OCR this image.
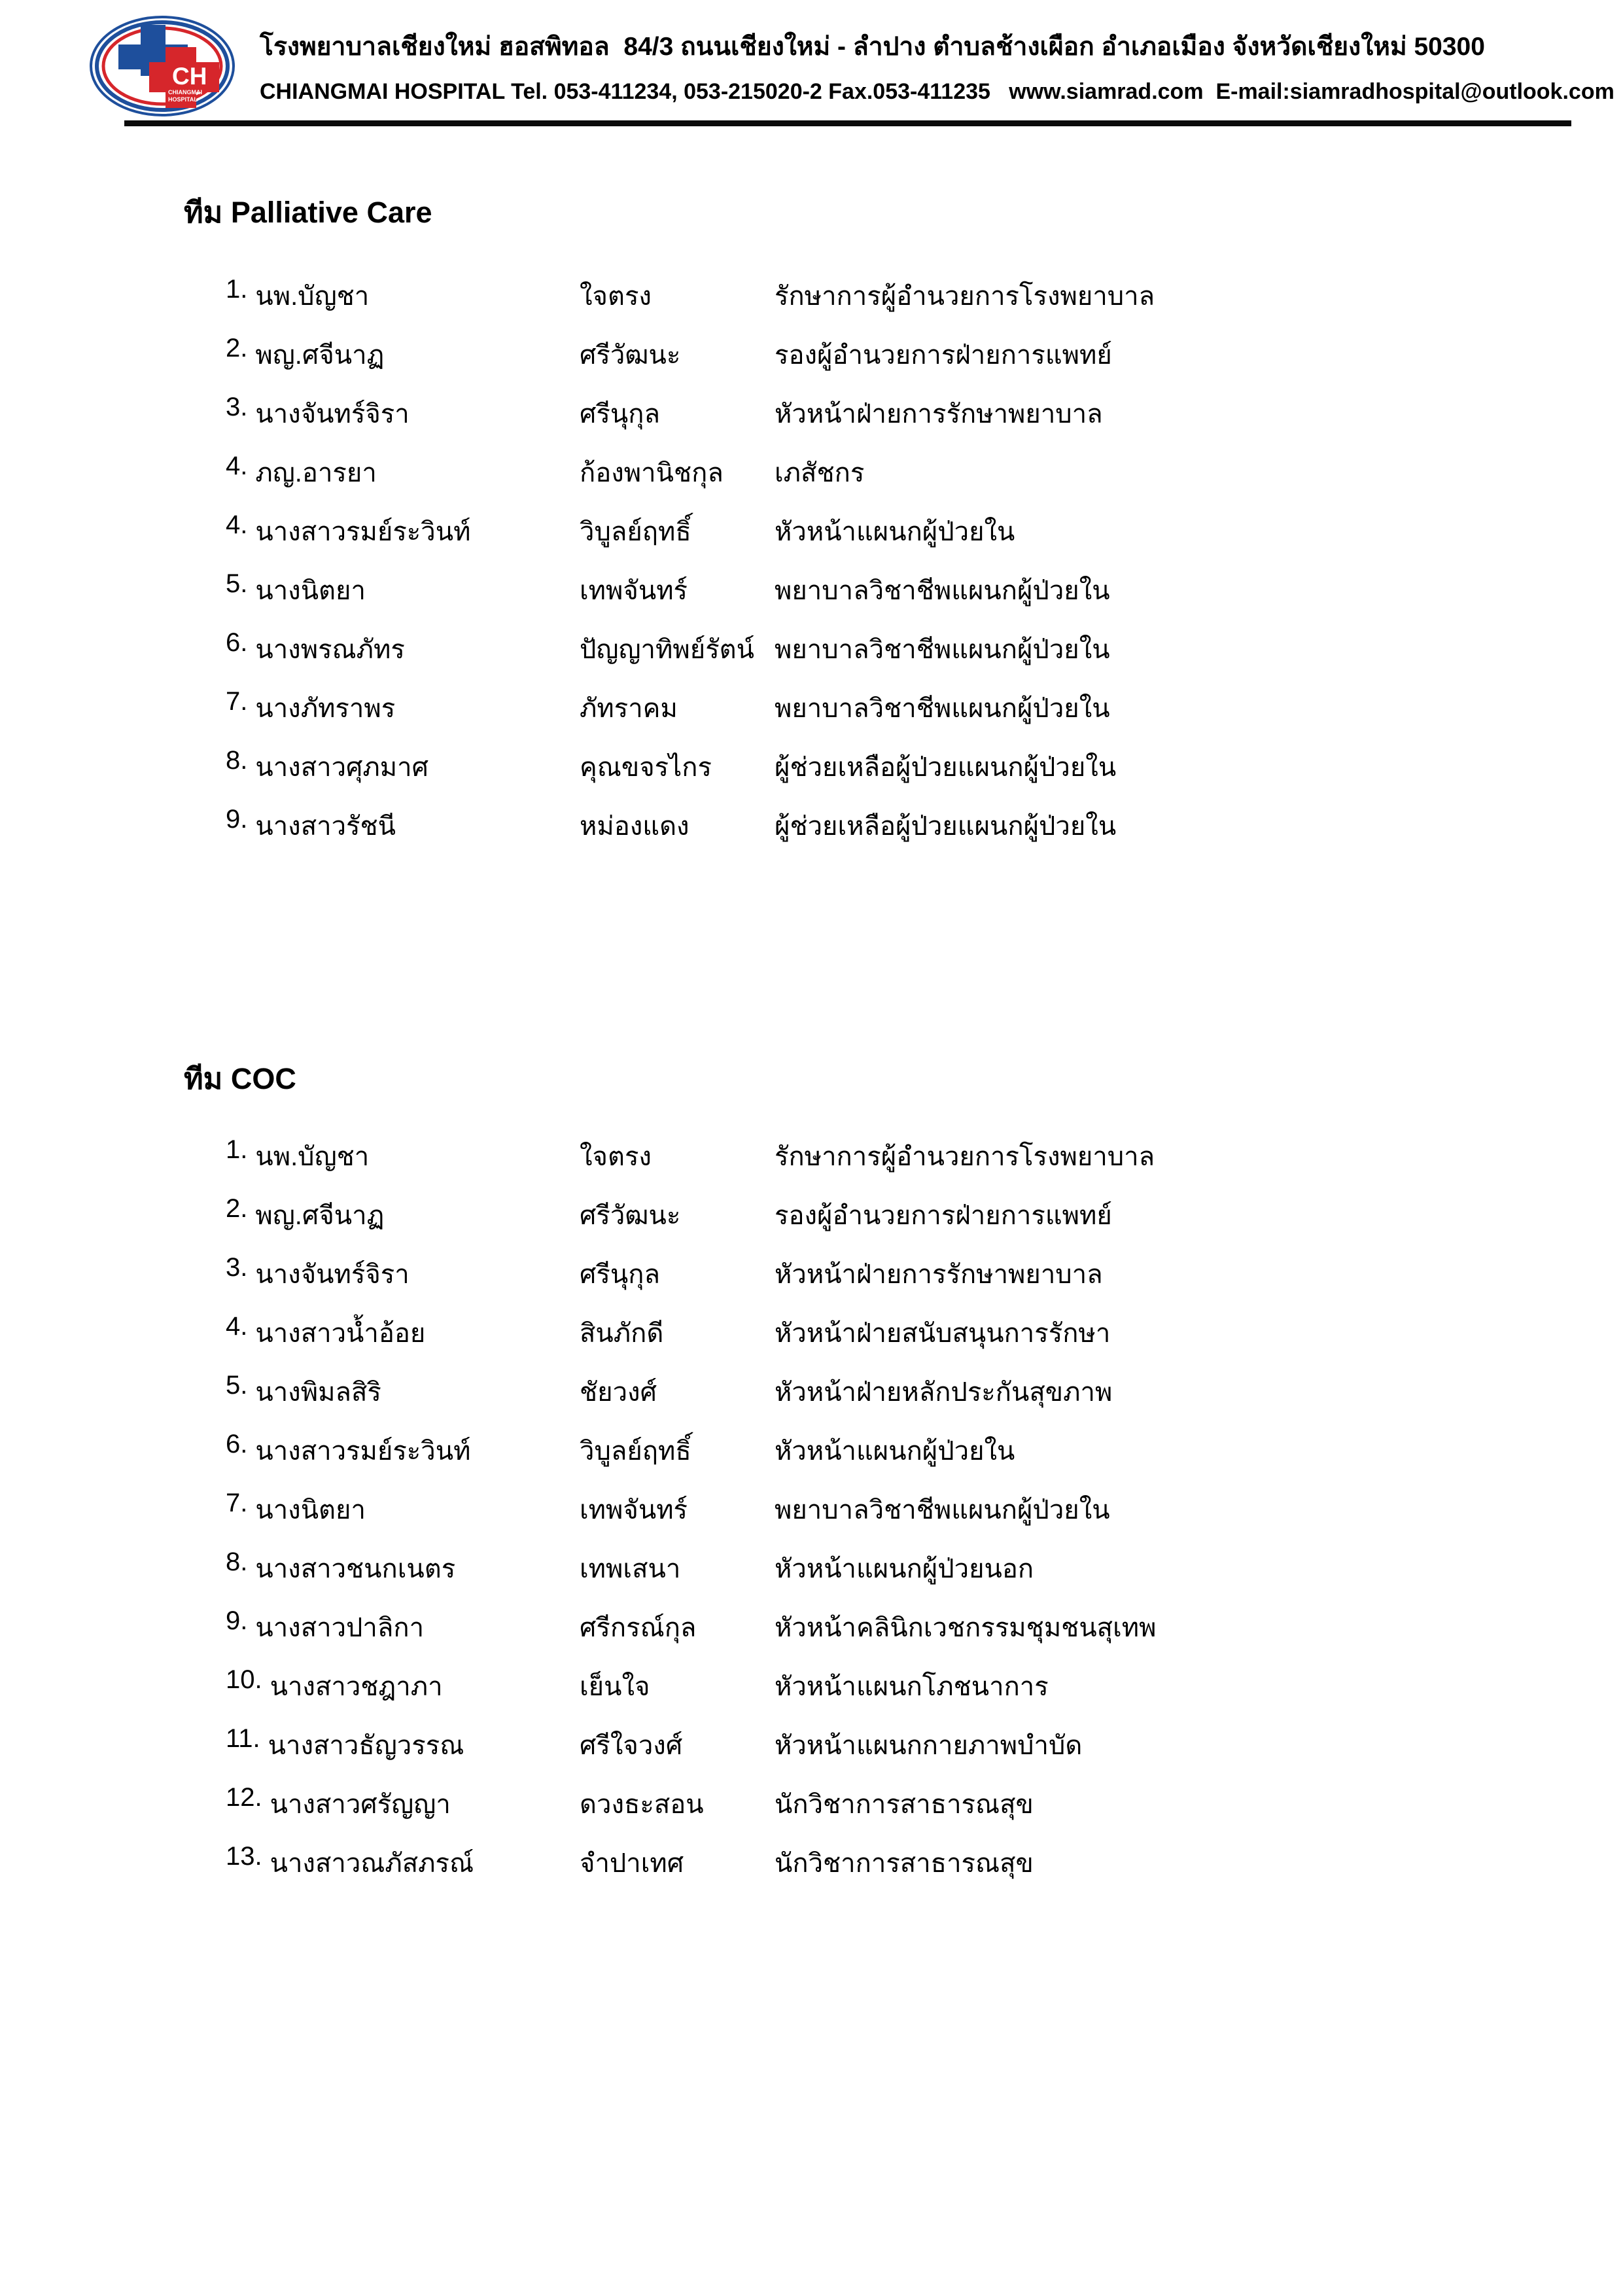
CH
CHIANGMAI
HOSPITAL
โรงพยาบาลเชียงใหม่ ฮอสพิทอล  84/3 ถนนเชียงใหม่ - ลำปาง ตำบลช้างเผือก อำเภอเมือง จังหวัดเชียงใหม่ 50300
CHIANGMAI HOSPITAL Tel. 053-411234, 053-215020-2 Fax.053-411235   www.siamrad.com  E-mail:siamradhospital@outlook.com
ทีม Palliative Care
ทีม COC
1. นพ.บัญชา	ใจตรง	รักษาการผู้อำนวยการโรงพยาบาล
2. พญ.ศจีนาฏ	ศรีวัฒนะ	รองผู้อำนวยการฝ่ายการแพทย์
3. นางจันทร์จิรา	ศรีนุกุล	หัวหน้าฝ่ายการรักษาพยาบาล
4. ภญ.อารยา	ก้องพานิชกุล	เภสัชกร
4. นางสาวรมย์ระวินท์	วิบูลย์ฤทธิ์	หัวหน้าแผนกผู้ป่วยใน
5. นางนิตยา	เทพจันทร์	พยาบาลวิชาชีพแผนกผู้ป่วยใน
6. นางพรณภัทร	ปัญญาทิพย์รัตน์ พยาบาลวิชาชีพแผนกผู้ป่วยใน
7. นางภัทราพร	ภัทราคม	พยาบาลวิชาชีพแผนกผู้ป่วยใน
8. นางสาวศุภมาศ	คุณขจรไกร	ผู้ช่วยเหลือผู้ป่วยแผนกผู้ป่วยใน
9. นางสาวรัชนี	หม่องแดง	ผู้ช่วยเหลือผู้ป่วยแผนกผู้ป่วยใน
1. นพ.บัญชา	ใจตรง	รักษาการผู้อำนวยการโรงพยาบาล
2. พญ.ศจีนาฏ	ศรีวัฒนะ	รองผู้อำนวยการฝ่ายการแพทย์
3. นางจันทร์จิรา	ศรีนุกุล	หัวหน้าฝ่ายการรักษาพยาบาล
4. นางสาวน้ำอ้อย	สินภักดี	หัวหน้าฝ่ายสนับสนุนการรักษา
5. นางพิมลสิริ	ชัยวงศ์	หัวหน้าฝ่ายหลักประกันสุขภาพ
6. นางสาวรมย์ระวินท์	วิบูลย์ฤทธิ์	หัวหน้าแผนกผู้ป่วยใน
7. นางนิตยา	เทพจันทร์	พยาบาลวิชาชีพแผนกผู้ป่วยใน
8. นางสาวชนกเนตร	เทพเสนา	หัวหน้าแผนกผู้ป่วยนอก
9. นางสาวปาลิกา	ศรีกรณ์กุล	หัวหน้าคลินิกเวชกรรมชุมชนสุเทพ
10. นางสาวชฎาภา	เย็นใจ	หัวหน้าแผนกโภชนาการ
11. นางสาวธัญวรรณ	ศรีใจวงศ์	หัวหน้าแผนกกายภาพบำบัด
12. นางสาวศรัญญา	ดวงธะสอน	นักวิชาการสาธารณสุข
13. นางสาวณภัสภรณ์	จำปาเทศ	นักวิชาการสาธารณสุข
